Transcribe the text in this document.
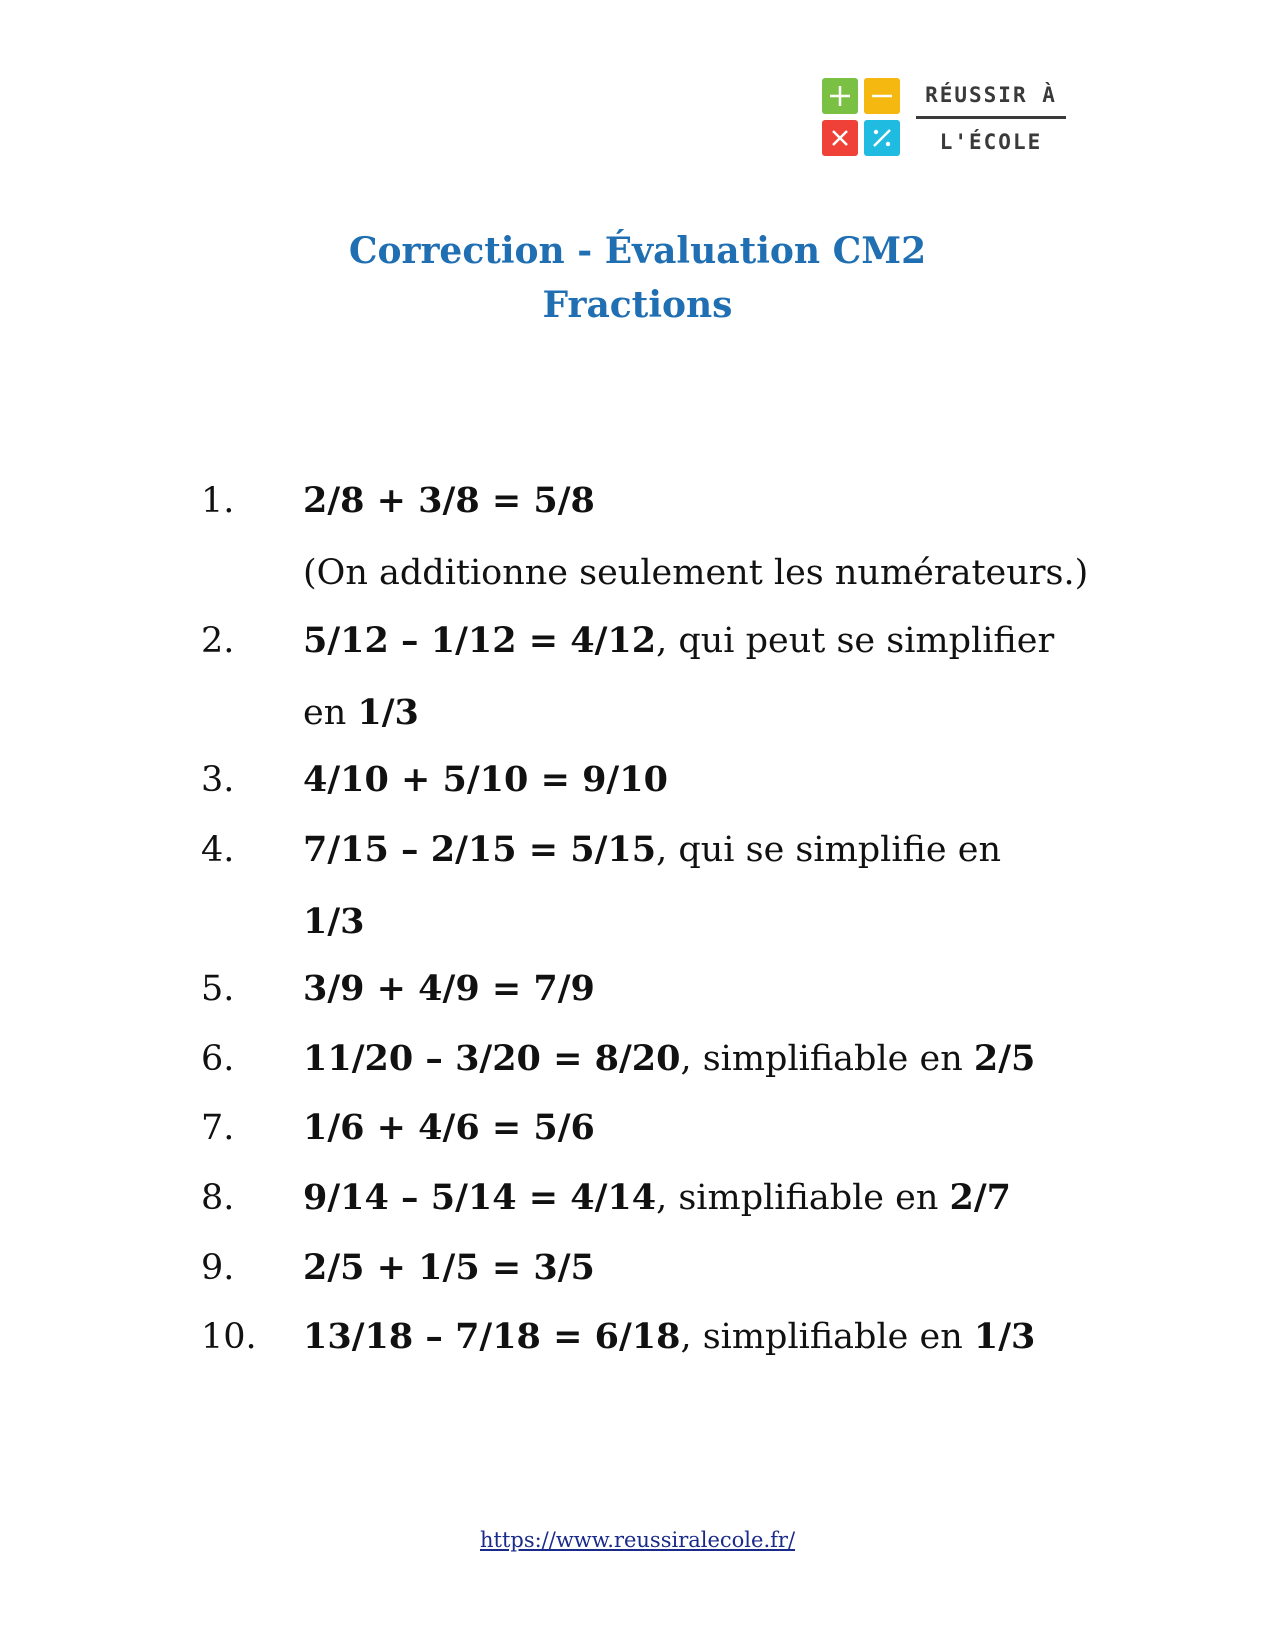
RÉUSSIR À
L'ÉCOLE
Correction - Évaluation CM2
Fractions
1. 2/8 + 3/8 = 5/8
(On additionne seulement les numérateurs.)
2. 5/12 – 1/12 = 4/12, qui peut se simplifier
en 1/3
3. 4/10 + 5/10 = 9/10
4. 7/15 – 2/15 = 5/15, qui se simplifie en
1/3
5. 3/9 + 4/9 = 7/9
6. 11/20 – 3/20 = 8/20, simplifiable en 2/5
7. 1/6 + 4/6 = 5/6
8. 9/14 – 5/14 = 4/14, simplifiable en 2/7
9. 2/5 + 1/5 = 3/5
10. 13/18 – 7/18 = 6/18, simplifiable en 1/3
https://www.reussiralecole.fr/
